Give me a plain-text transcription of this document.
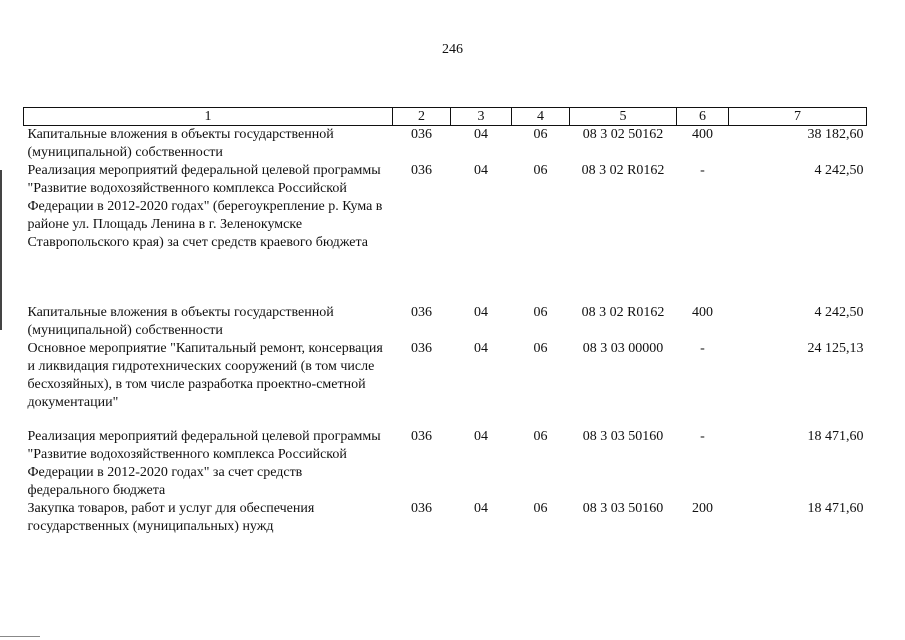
246
1	2	3	4	5	6	7
Капитальные вложения в объекты государственной (муниципальной) собственности	036	04	06	08 3 02 50162	400	38 182,60
Реализация мероприятий федеральной целевой программы "Развитие водохозяйственного комплекса Российской Федерации в 2012-2020 годах" (берегоукрепление р. Кума в районе ул. Площадь Ленина в г. Зеленокумске Ставропольского края) за счет средств краевого бюджета	036	04	06	08 3 02 R0162	-	4 242,50
Капитальные вложения в объекты государственной (муниципальной) собственности	036	04	06	08 3 02 R0162	400	4 242,50
Основное мероприятие "Капитальный ремонт, консервация и ликвидация гидротехнических сооружений (в том числе бесхозяйных), в том числе разработка проектно-сметной документации"	036	04	06	08 3 03 00000	-	24 125,13
Реализация мероприятий федеральной целевой программы "Развитие водохозяйственного комплекса Российской Федерации в 2012-2020 годах" за счет средств федерального бюджета	036	04	06	08 3 03 50160	-	18 471,60
Закупка товаров, работ и услуг для обеспечения государственных (муниципальных) нужд	036	04	06	08 3 03 50160	200	18 471,60
